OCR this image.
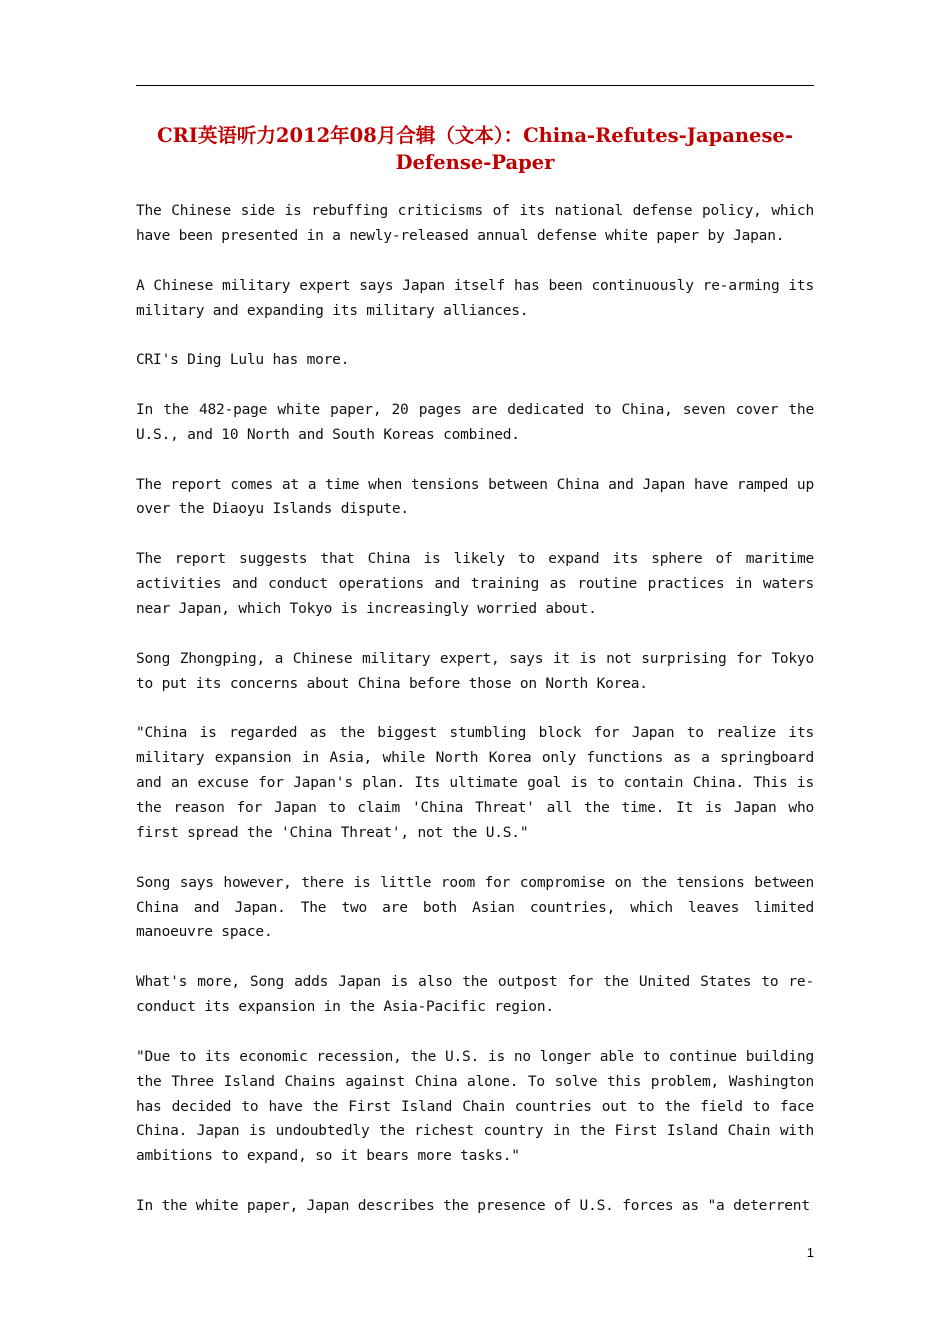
CRI英语听力2012年08月合辑（文本）：China-Refutes-Japanese-Defense-Paper

The Chinese side is rebuffing criticisms of its national defense policy, which have been presented in a newly-released annual defense white paper by Japan.

A Chinese military expert says Japan itself has been continuously re-arming its military and expanding its military alliances.

CRI's Ding Lulu has more.

In the 482-page white paper, 20 pages are dedicated to China, seven cover the U.S., and 10 North and South Koreas combined.

The report comes at a time when tensions between China and Japan have ramped up over the Diaoyu Islands dispute.

The report suggests that China is likely to expand its sphere of maritime activities and conduct operations and training as routine practices in waters near Japan, which Tokyo is increasingly worried about.

Song Zhongping, a Chinese military expert, says it is not surprising for Tokyo to put its concerns about China before those on North Korea.

"China is regarded as the biggest stumbling block for Japan to realize its military expansion in Asia, while North Korea only functions as a springboard and an excuse for Japan's plan. Its ultimate goal is to contain China. This is the reason for Japan to claim 'China Threat' all the time. It is Japan who first spread the 'China Threat', not the U.S."

Song says however, there is little room for compromise on the tensions between China and Japan. The two are both Asian countries, which leaves limited manoeuvre space.

What's more, Song adds Japan is also the outpost for the United States to re-conduct its expansion in the Asia-Pacific region.

"Due to its economic recession, the U.S. is no longer able to continue building the Three Island Chains against China alone. To solve this problem, Washington has decided to have the First Island Chain countries out to the field to face China. Japan is undoubtedly the richest country in the First Island Chain with ambitions to expand, so it bears more tasks."

In the white paper, Japan describes the presence of U.S. forces as "a deterrent

1
